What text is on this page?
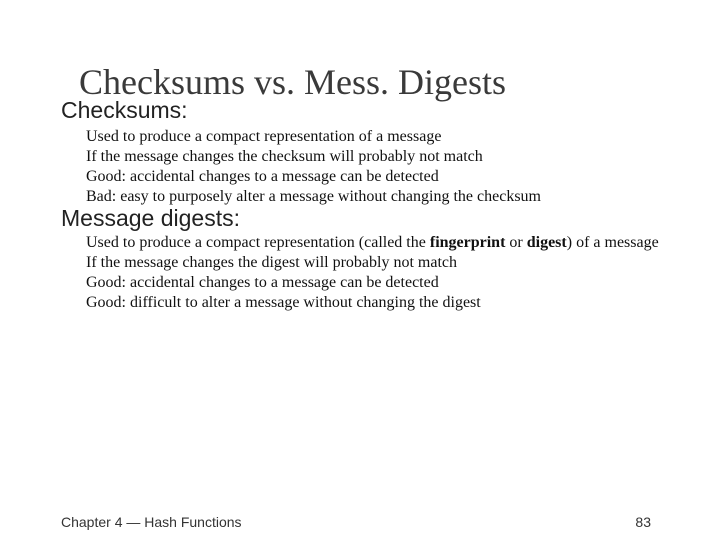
Checksums vs. Mess. Digests
Checksums:
Used to produce a compact representation of a message
If the message changes the checksum will probably not match
Good: accidental changes to a message can be detected
Bad: easy to purposely alter a message without changing the checksum
Message digests:
Used to produce a compact representation (called the fingerprint or digest) of a message
If the message changes the digest will probably not match
Good: accidental changes to a message can be detected
Good: difficult to alter a message without changing the digest
Chapter 4 — Hash Functions	83
